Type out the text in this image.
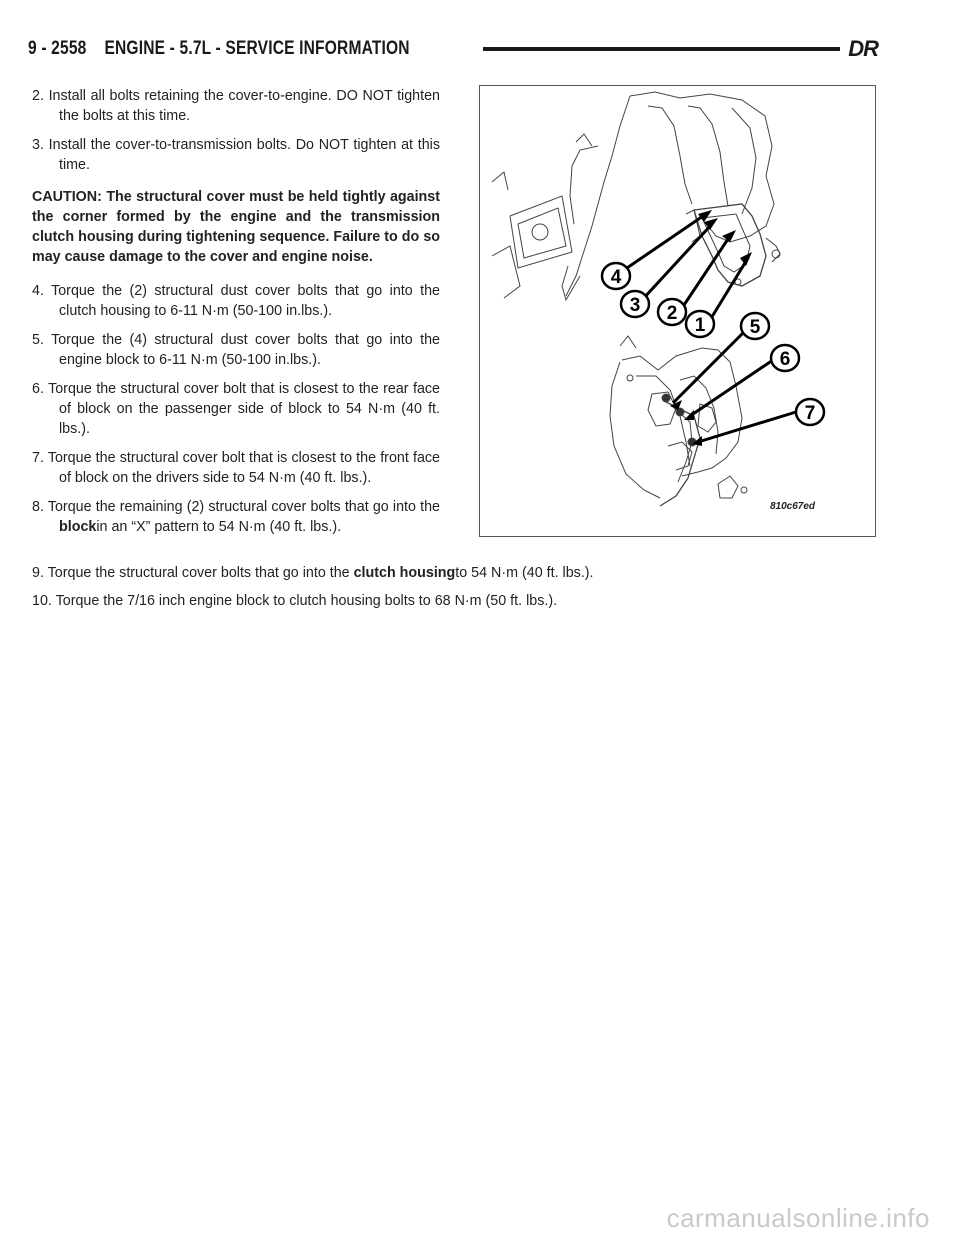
9 - 2558    ENGINE - 5.7L - SERVICE INFORMATION	DR

2. Install all bolts retaining the cover-to-engine. DO NOT tighten the bolts at this time.

3. Install the cover-to-transmission bolts. Do NOT tighten at this time.

CAUTION: The structural cover must be held tightly against the corner formed by the engine and the transmission clutch housing during tightening sequence. Failure to do so may cause damage to the cover and engine noise.

4. Torque the (2) structural dust cover bolts that go into the clutch housing to 6-11 N·m (50-100 in.lbs.).

5. Torque the (4) structural dust cover bolts that go into the engine block to 6-11 N·m (50-100 in.lbs.).

6. Torque the structural cover bolt that is closest to the rear face of block on the passenger side of block to 54 N·m (40 ft. lbs.).

7. Torque the structural cover bolt that is closest to the front face of block on the drivers side to 54 N·m (40 ft. lbs.).

8. Torque the remaining (2) structural cover bolts that go into the blockin an “X” pattern to 54 N·m (40 ft. lbs.).

4
3 2
1 5
6
7
810c67ed

9. Torque the structural cover bolts that go into the clutch housingto 54 N·m (40 ft. lbs.).

10. Torque the 7/16 inch engine block to clutch housing bolts to 68 N·m (50 ft. lbs.).

carmanualsonline.info
